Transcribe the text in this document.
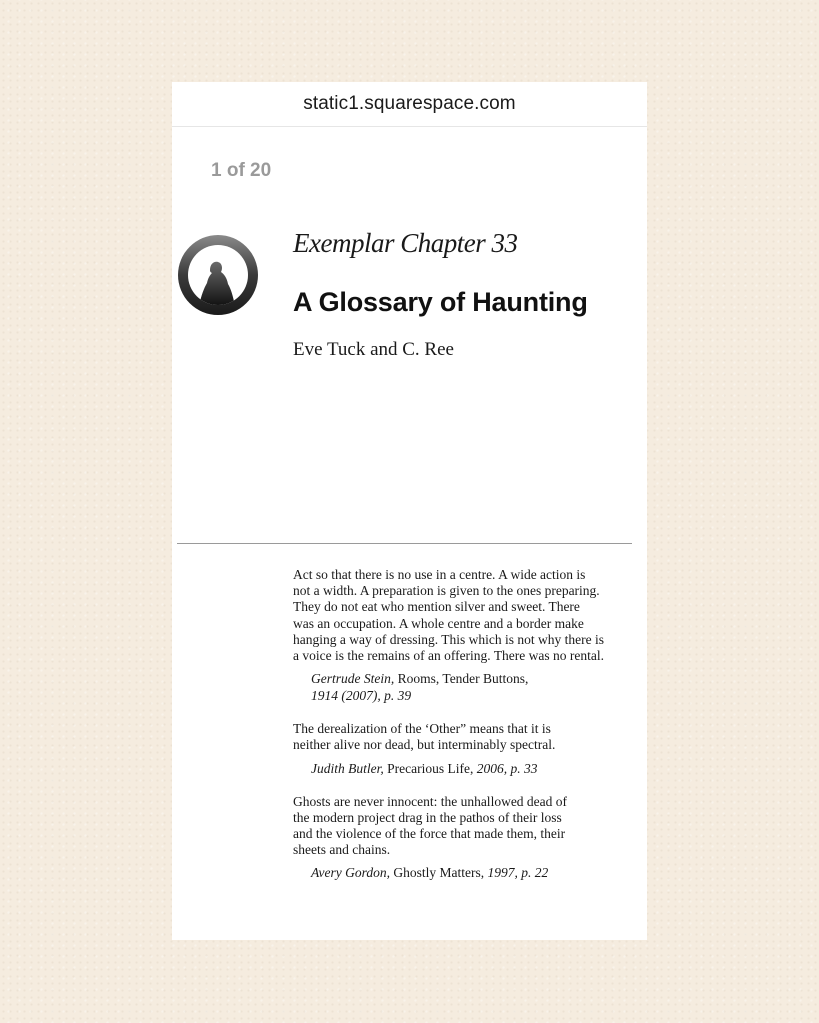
static1.squarespace.com
1 of 20
Exemplar Chapter 33
A Glossary of Haunting
Eve Tuck and C. Ree

Act so that there is no use in a centre. A wide action is
not a width. A preparation is given to the ones preparing.
They do not eat who mention silver and sweet. There
was an occupation. A whole centre and a border make
hanging a way of dressing. This which is not why there is
a voice is the remains of an offering. There was no rental.

Gertrude Stein, Rooms, Tender Buttons,
1914 (2007), p. 39

The derealization of the ‘Other” means that it is
neither alive nor dead, but interminably spectral.

Judith Butler, Precarious Life, 2006, p. 33

Ghosts are never innocent: the unhallowed dead of
the modern project drag in the pathos of their loss
and the violence of the force that made them, their
sheets and chains.

Avery Gordon, Ghostly Matters, 1997, p. 22
